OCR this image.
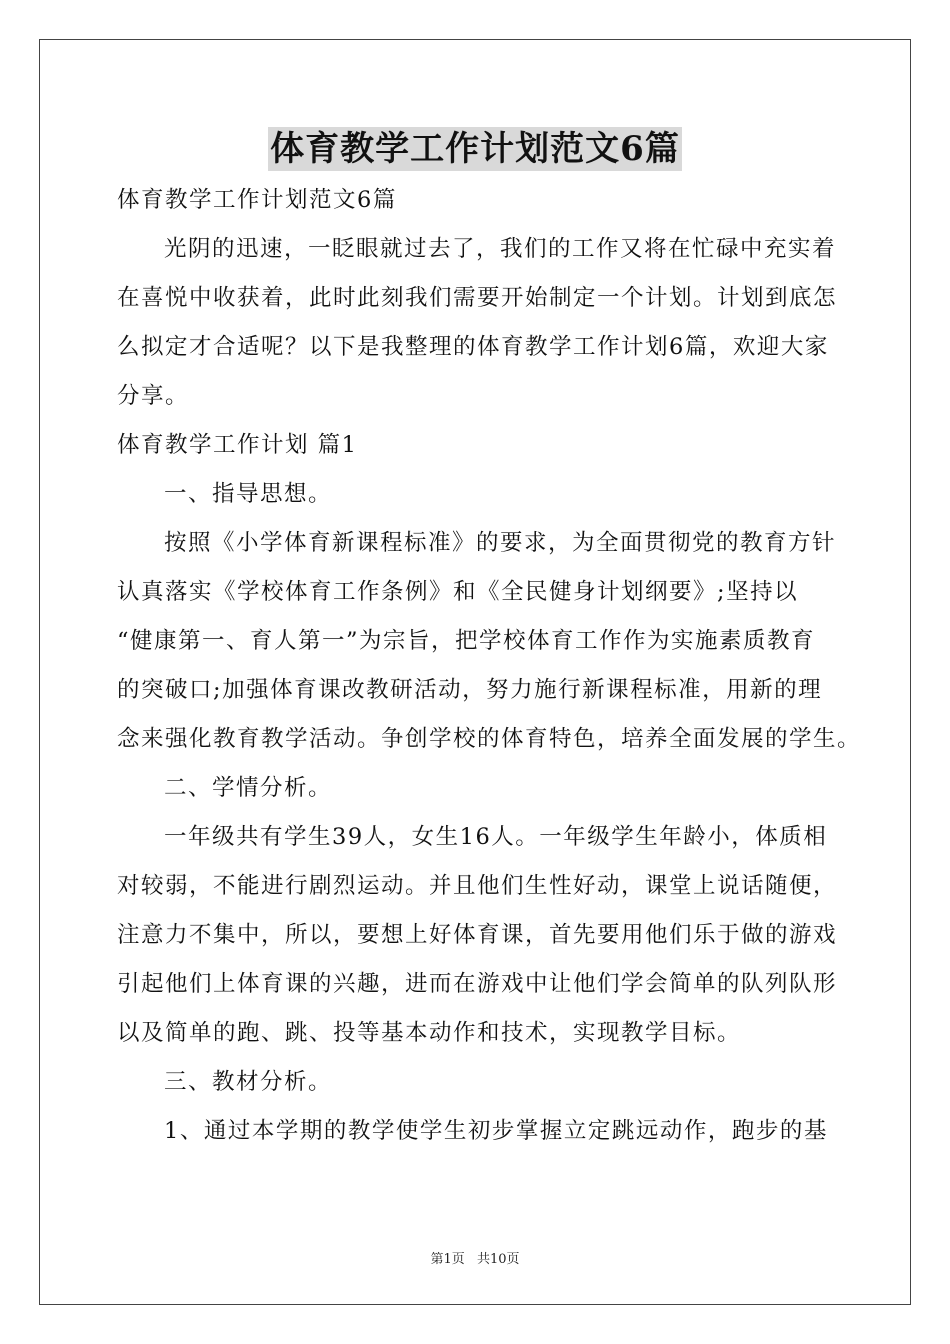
体育教学工作计划范文6篇

体育教学工作计划范文6篇

光阴的迅速，一眨眼就过去了，我们的工作又将在忙碌中充实着

在喜悦中收获着，此时此刻我们需要开始制定一个计划。计划到底怎

么拟定才合适呢？以下是我整理的体育教学工作计划6篇，欢迎大家

分享。

体育教学工作计划 篇1

一、指导思想。

按照《小学体育新课程标准》的要求，为全面贯彻党的教育方针

认真落实《学校体育工作条例》和《全民健身计划纲要》;坚持以

“健康第一、育人第一”为宗旨，把学校体育工作作为实施素质教育

的突破口;加强体育课改教研活动，努力施行新课程标准，用新的理

念来强化教育教学活动。争创学校的体育特色，培养全面发展的学生。

二、学情分析。

一年级共有学生39人，女生16人。一年级学生年龄小，体质相

对较弱，不能进行剧烈运动。并且他们生性好动，课堂上说话随便，

注意力不集中，所以，要想上好体育课，首先要用他们乐于做的游戏

引起他们上体育课的兴趣，进而在游戏中让他们学会简单的队列队形

以及简单的跑、跳、投等基本动作和技术，实现教学目标。

三、教材分析。

1、通过本学期的教学使学生初步掌握立定跳远动作，跑步的基

第1页 共10页
